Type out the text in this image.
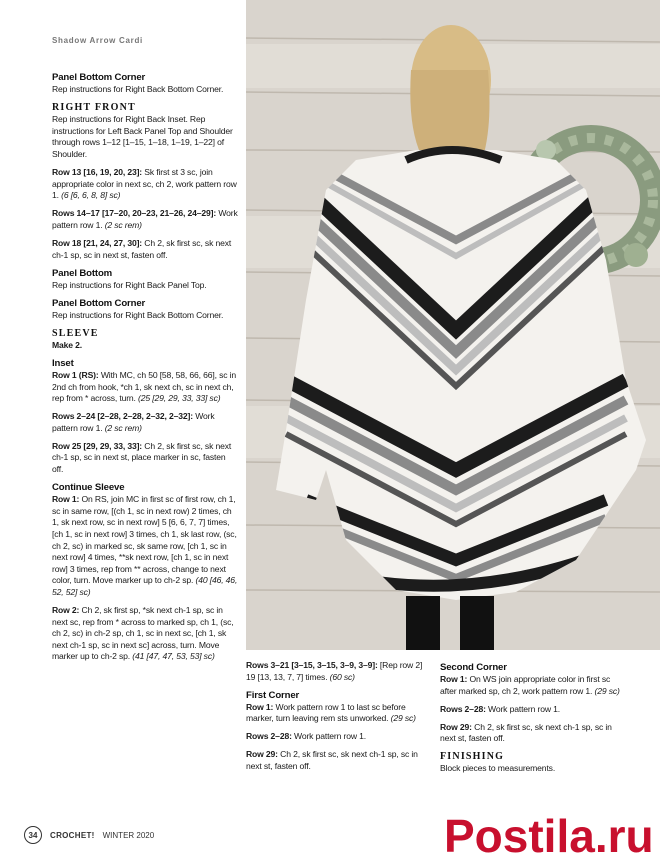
Shadow Arrow Cardi
Panel Bottom Corner

Rep instructions for Right Back Bottom Corner.

RIGHT FRONT

Rep instructions for Right Back Inset. Rep instructions for Left Back Panel Top and Shoulder through rows 1–12 [1–15, 1–18, 1–19, 1–22] of Shoulder.

Row 13 [16, 19, 20, 23]: Sk first st 3 sc, join appropriate color in next sc, ch 2, work pattern row 1. (6 [6, 6, 8, 8] sc)

Rows 14–17 [17–20, 20–23, 21–26, 24–29]: Work pattern row 1. (2 sc rem)

Row 18 [21, 24, 27, 30]: Ch 2, sk first sc, sk next ch-1 sp, sc in next st, fasten off.

Panel Bottom

Rep instructions for Right Back Panel Top.

Panel Bottom Corner

Rep instructions for Right Back Bottom Corner.

SLEEVE

Make 2.

Inset

Row 1 (RS): With MC, ch 50 [58, 58, 66, 66], sc in 2nd ch from hook, *ch 1, sk next ch, sc in next ch, rep from * across, turn. (25 [29, 29, 33, 33] sc)

Rows 2–24 [2–28, 2–28, 2–32, 2–32]: Work pattern row 1. (2 sc rem)

Row 25 [29, 29, 33, 33]: Ch 2, sk first sc, sk next ch-1 sp, sc in next st, place marker in sc, fasten off.

Continue Sleeve

Row 1: On RS, join MC in first sc of first row, ch 1, sc in same row, [(ch 1, sc in next row) 2 times, ch 1, sk next row, sc in next row] 5 [6, 6, 7, 7] times, [ch 1, sc in next row] 3 times, ch 1, sk last row, (sc, ch 2, sc) in marked sc, sk same row, [ch 1, sc in next row] 4 times, **sk next row, [ch 1, sc in next row] 3 times, rep from ** across, change to next color, turn. Move marker up to ch-2 sp. (40 [46, 46, 52, 52] sc)

Row 2: Ch 2, sk first sp, *sk next ch-1 sp, sc in next sc, rep from * across to marked sp, ch 1, (sc, ch 2, sc) in ch-2 sp, ch 1, sc in next sc, [ch 1, sk next ch-1 sp, sc in next sc] across, turn. Move marker up to ch-2 sp. (41 [47, 47, 53, 53] sc)

Rows 3–21 [3–15, 3–15, 3–9, 3–9]: [Rep row 2] 19 [13, 13, 7, 7] times. (60 sc)

First Corner

Row 1: Work pattern row 1 to last sc before marker, turn leaving rem sts unworked. (29 sc)

Rows 2–28: Work pattern row 1.

Row 29: Ch 2, sk first sc, sk next ch-1 sp, sc in next st, fasten off.

Second Corner

Row 1: On WS join appropriate color in first sc after marked sp, ch 2, work pattern row 1. (29 sc)

Rows 2–28: Work pattern row 1.

Row 29: Ch 2, sk first sc, sk next ch-1 sp, sc in next st, fasten off.

FINISHING

Block pieces to measurements.

34	CROCHET! WINTER 2020	Postila.ru
